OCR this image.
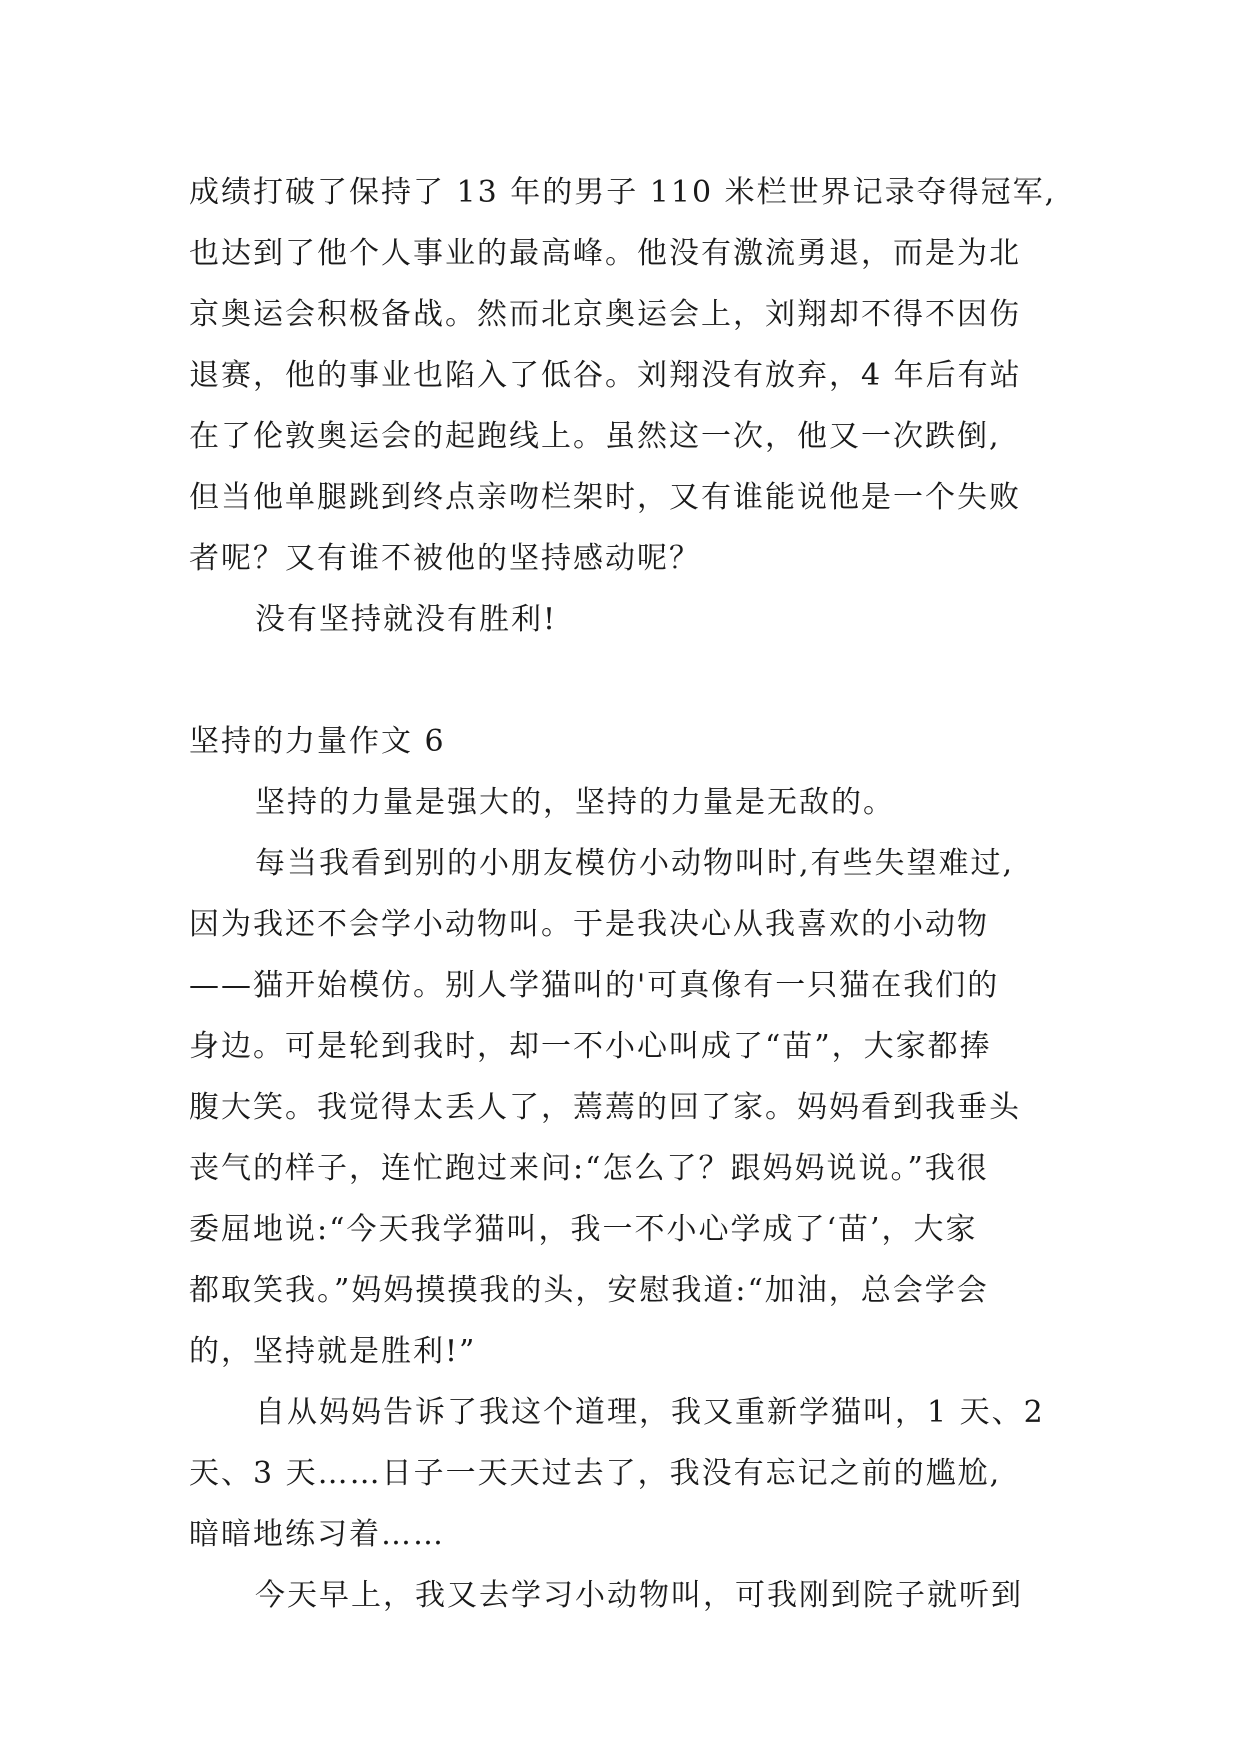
成绩打破了保持了 13 年的男子 110 米栏世界记录夺得冠军,
也达到了他个人事业的最高峰。他没有激流勇退，而是为北
京奥运会积极备战。然而北京奥运会上，刘翔却不得不因伤
退赛，他的事业也陷入了低谷。刘翔没有放弃，4 年后有站
在了伦敦奥运会的起跑线上。虽然这一次，他又一次跌倒,
但当他单腿跳到终点亲吻栏架时，又有谁能说他是一个失败
者呢？又有谁不被他的坚持感动呢？
没有坚持就没有胜利!
坚持的力量作文 6
坚持的力量是强大的，坚持的力量是无敌的。
每当我看到别的小朋友模仿小动物叫时,有些失望难过,
因为我还不会学小动物叫。于是我决心从我喜欢的小动物
——猫开始模仿。别人学猫叫的'可真像有一只猫在我们的
身边。可是轮到我时，却一不小心叫成了“苗”，大家都捧
腹大笑。我觉得太丢人了，蔫蔫的回了家。妈妈看到我垂头
丧气的样子，连忙跑过来问:“怎么了？跟妈妈说说。”我很
委屈地说:“今天我学猫叫，我一不小心学成了‘苗’，大家
都取笑我。”妈妈摸摸我的头，安慰我道:“加油，总会学会
的，坚持就是胜利!”
自从妈妈告诉了我这个道理，我又重新学猫叫，1 天、2
天、3 天……日子一天天过去了，我没有忘记之前的尴尬,
暗暗地练习着……
今天早上，我又去学习小动物叫，可我刚到院子就听到
